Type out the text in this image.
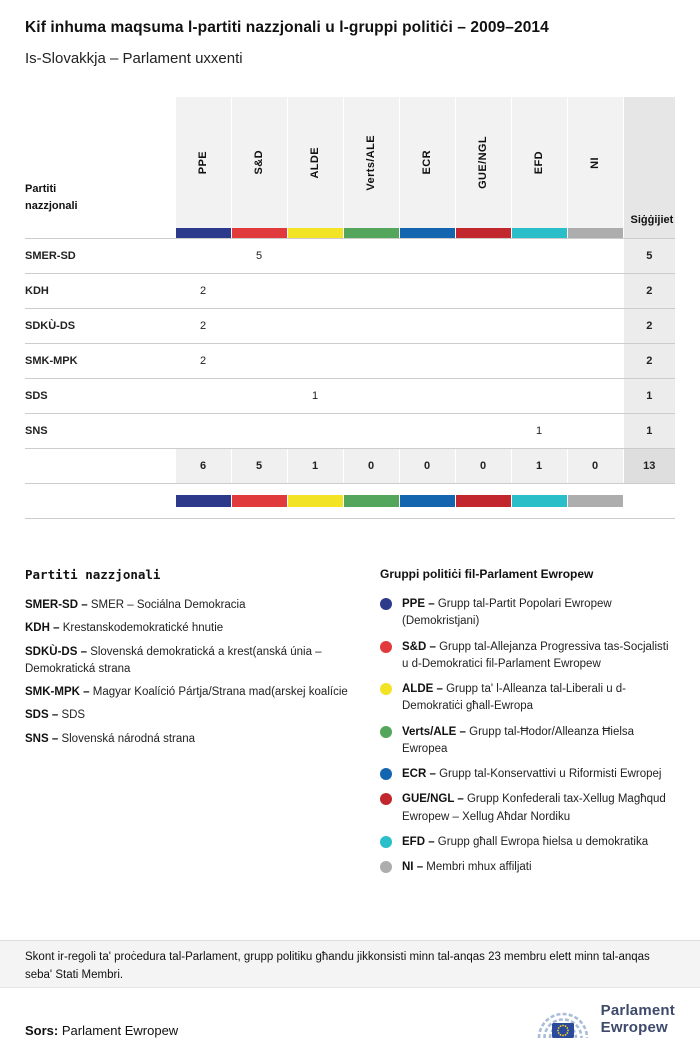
Kif inhuma maqsuma l-partiti nazzjonali u l-gruppi politiċi – 2009–2014
Is-Slovakkja – Parlament uxxenti
Partiti nazzjonali	PPE	S&D	ALDE	Verts/ALE	ECR	GUE/NGL	EFD	NI	Siġġijiet

SMER-SD		5							5
KDH	2								2
SDKÙ-DS	2								2
SMK-MPK	2								2
SDS			1						1
SNS							1		1
	6	5	1	0	0	0	1	0	13

Partiti nazzjonali
SMER-SD – SMER – Sociálna Demokracia
KDH – Krestanskodemokratické hnutie
SDKÙ-DS – Slovenská demokratická a krest(anská únia – Demokratická strana
SMK-MPK – Magyar Koalíció Pártja/Strana mad(arskej koalície
SDS – SDS
SNS – Slovenská národná strana
Gruppi politiċi fil-Parlament Ewropew
PPE – Grupp tal-Partit Popolari Ewropew (Demokristjani)
S&D – Grupp tal-Allejanza Progressiva tas-Socjalisti u d-Demokratici fil-Parlament Ewropew
ALDE – Grupp ta' l-Alleanza tal-Liberali u d-Demokratiċi għall-Ewropa
Verts/ALE – Grupp tal-Ħodor/Alleanza Ħielsa Ewropea
ECR – Grupp tal-Konservattivi u Riformisti Ewropej
GUE/NGL – Grupp Konfederali tax-Xellug Magħqud Ewropew – Xellug Aħdar Nordiku
EFD – Grupp għall Ewropa ħielsa u demokratika
NI – Membri mhux affiljati
Skont ir-regoli ta' proċedura tal-Parlament, grupp politiku għandu jikkonsisti minn tal-anqas 23 membru elett minn tal-anqas seba' Stati Membri.
Sors: Parlament Ewropew
Parlament
Ewropew
